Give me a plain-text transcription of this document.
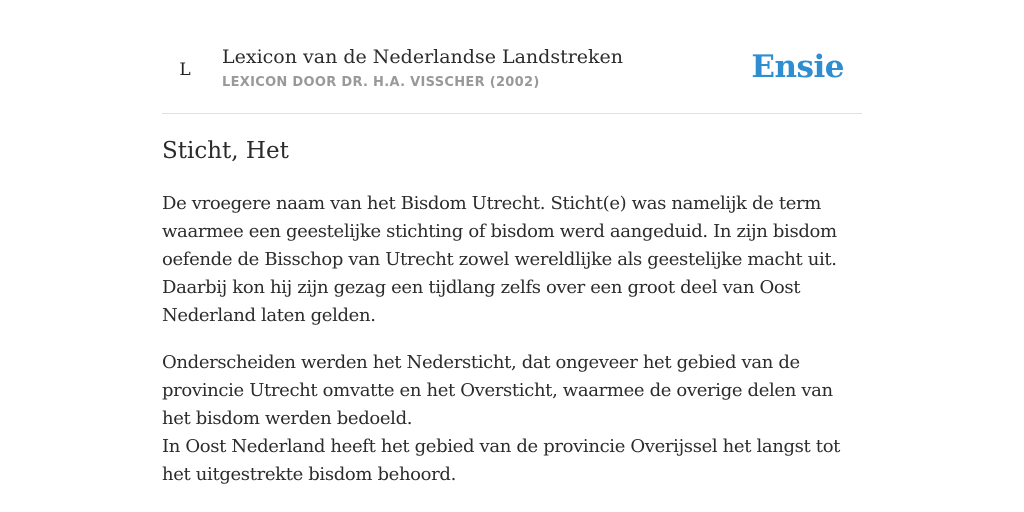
L
Lexicon van de Nederlandse Landstreken
LEXICON DOOR DR. H.A. VISSCHER (2002)	Ensie
Sticht, Het

De vroegere naam van het Bisdom Utrecht. Sticht(e) was namelijk de term waarmee een geestelijke stichting of bisdom werd aangeduid. In zijn bisdom oefende de Bisschop van Utrecht zowel wereldlijke als geestelijke macht uit. Daarbij kon hij zijn gezag een tijdlang zelfs over een groot deel van Oost Nederland laten gelden.

Onderscheiden werden het Nedersticht, dat ongeveer het gebied van de provincie Utrecht omvatte en het Oversticht, waarmee de overige delen van het bisdom werden bedoeld.
In Oost Nederland heeft het gebied van de provincie Overijssel het langst tot het uitgestrekte bisdom behoord.
